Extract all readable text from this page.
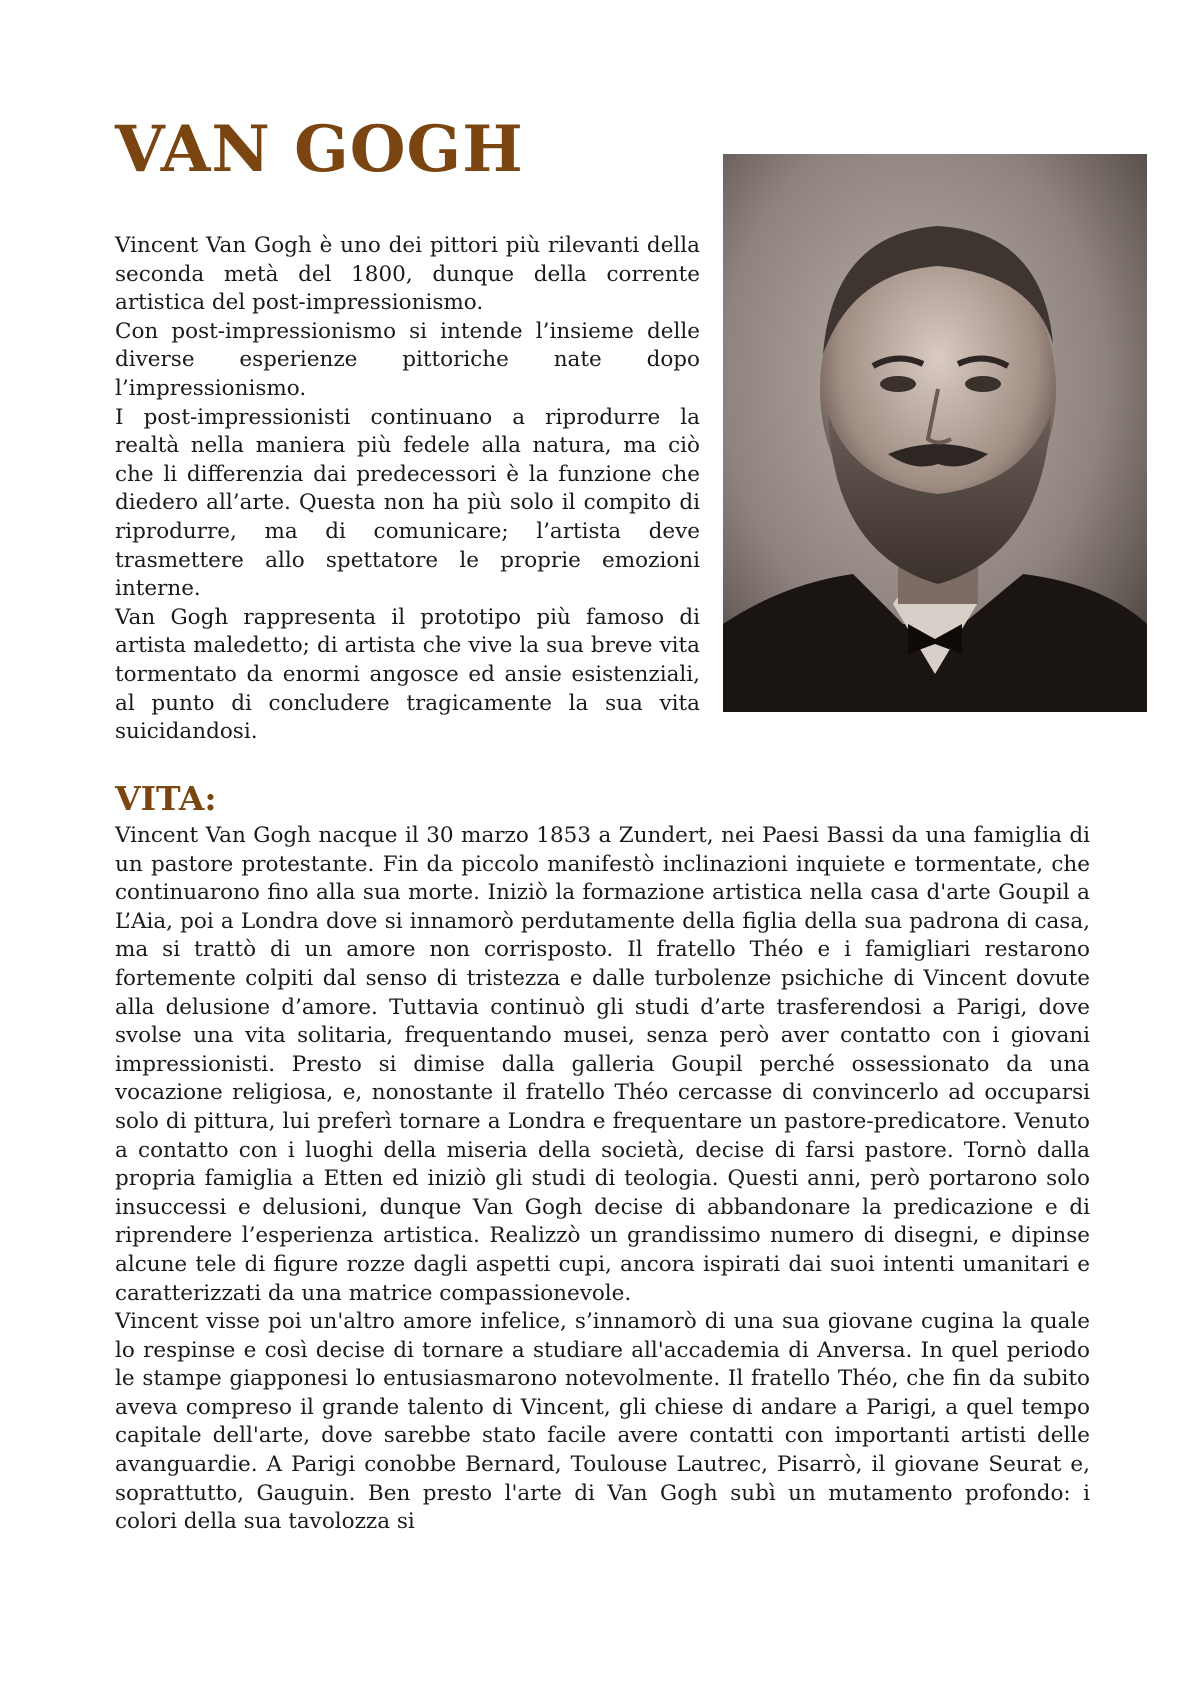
VAN GOGH

Vincent Van Gogh è uno dei pittori più rilevanti della seconda metà del 1800, dunque della corrente artistica del post-impressionismo.

Con post-impressionismo si intende l’insieme delle diverse esperienze pittoriche nate dopo l’impressionismo.

I post-impressionisti continuano a riprodurre la realtà nella maniera più fedele alla natura, ma ciò che li differenzia dai predecessori è la funzione che diedero all’arte. Questa non ha più solo il compito di riprodurre, ma di comunicare; l’artista deve trasmettere allo spettatore le proprie emozioni interne.

Van Gogh rappresenta il prototipo più famoso di artista maledetto; di artista che vive la sua breve vita tormentato da enormi angosce ed ansie esistenziali, al punto di concludere tragicamente la sua vita suicidandosi.

VITA:

Vincent Van Gogh nacque il 30 marzo 1853 a Zundert, nei Paesi Bassi da una famiglia di un pastore protestante. Fin da piccolo manifestò inclinazioni inquiete e tormentate, che continuarono fino alla sua morte. Iniziò la formazione artistica nella casa d'arte Goupil a L’Aia, poi a Londra dove si innamorò perdutamente della figlia della sua padrona di casa, ma si trattò di un amore non corrisposto. Il fratello Théo e i famigliari restarono fortemente colpiti dal senso di tristezza e dalle turbolenze psichiche di Vincent dovute alla delusione d’amore. Tuttavia continuò gli studi d’arte trasferendosi a Parigi, dove svolse una vita solitaria, frequentando musei, senza però aver contatto con i giovani impressionisti. Presto si dimise dalla galleria Goupil perché ossessionato da una vocazione religiosa, e, nonostante il fratello Théo cercasse di convincerlo ad occuparsi solo di pittura, lui preferì tornare a Londra e frequentare un pastore-predicatore. Venuto a contatto con i luoghi della miseria della società, decise di farsi pastore. Tornò dalla propria famiglia a Etten ed iniziò gli studi di teologia. Questi anni, però portarono solo insuccessi e delusioni, dunque Van Gogh decise di abbandonare la predicazione e di riprendere l’esperienza artistica. Realizzò un grandissimo numero di disegni, e dipinse alcune tele di figure rozze dagli aspetti cupi, ancora ispirati dai suoi intenti umanitari e caratterizzati da una matrice compassionevole.

Vincent visse poi un'altro amore infelice, s’innamorò di una sua giovane cugina la quale lo respinse e così decise di tornare a studiare all'accademia di Anversa. In quel periodo le stampe giapponesi lo entusiasmarono notevolmente. Il fratello Théo, che fin da subito aveva compreso il grande talento di Vincent, gli chiese di andare a Parigi, a quel tempo capitale dell'arte, dove sarebbe stato facile avere contatti con importanti artisti delle avanguardie. A Parigi conobbe Bernard, Toulouse Lautrec, Pisarrò, il giovane Seurat e, soprattutto, Gauguin. Ben presto l'arte di Van Gogh subì un mutamento profondo: i colori della sua tavolozza si
